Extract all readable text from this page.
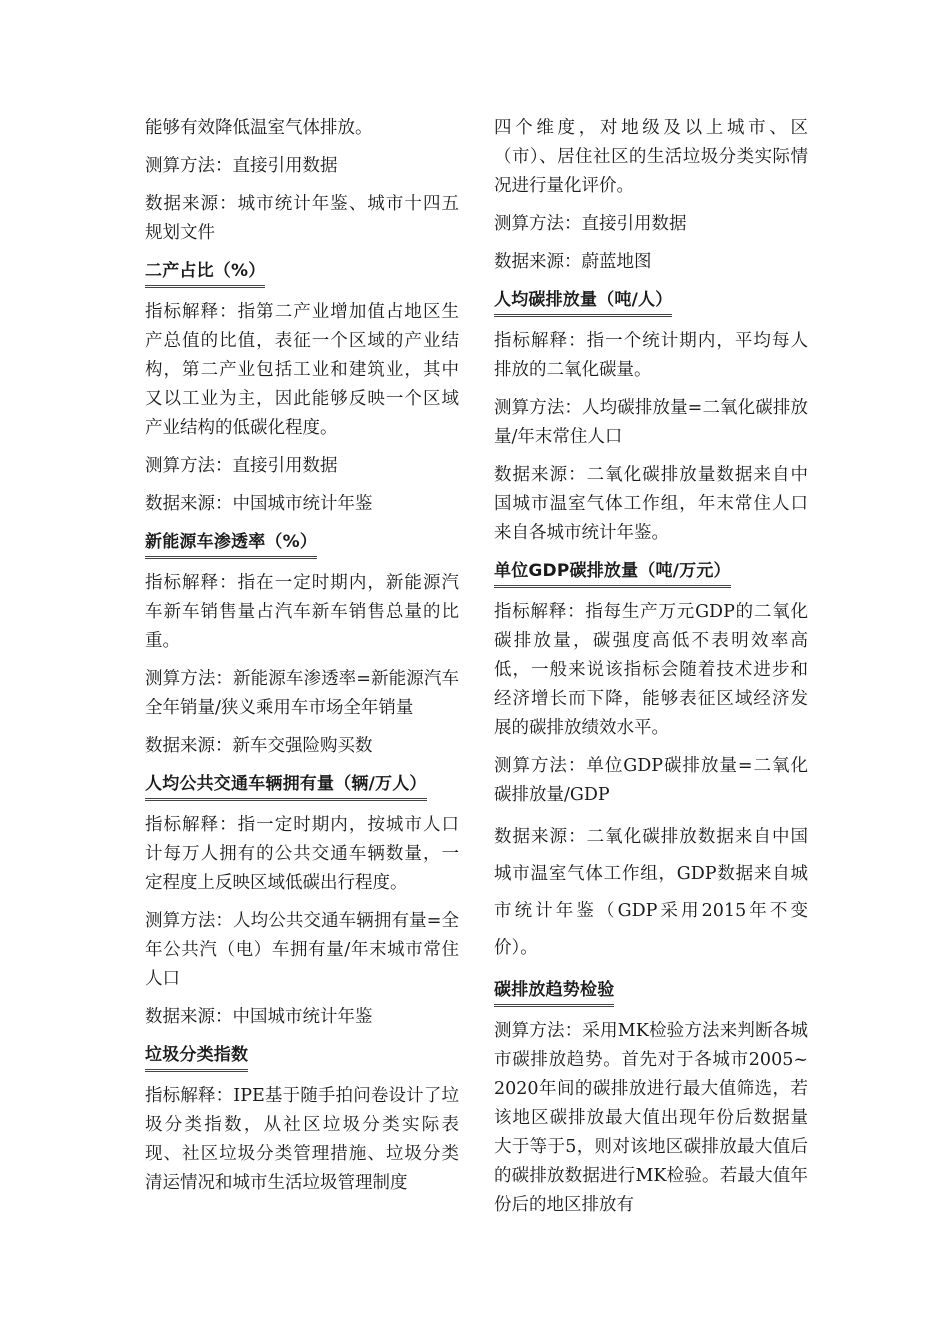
能够有效降低温室气体排放。

测算方法：直接引用数据

数据来源：城市统计年鉴、城市十四五规划文件

二产占比（%）

指标解释：指第二产业增加值占地区生产总值的比值，表征一个区域的产业结构，第二产业包括工业和建筑业，其中又以工业为主，因此能够反映一个区域产业结构的低碳化程度。

测算方法：直接引用数据

数据来源：中国城市统计年鉴

新能源车渗透率（%）

指标解释：指在一定时期内，新能源汽车新车销售量占汽车新车销售总量的比重。

测算方法：新能源车渗透率=新能源汽车全年销量/狭义乘用车市场全年销量

数据来源：新车交强险购买数

人均公共交通车辆拥有量（辆/万人）

指标解释：指一定时期内，按城市人口计每万人拥有的公共交通车辆数量，一定程度上反映区域低碳出行程度。

测算方法：人均公共交通车辆拥有量=全年公共汽（电）车拥有量/年末城市常住人口

数据来源：中国城市统计年鉴

垃圾分类指数

指标解释：IPE基于随手拍问卷设计了垃圾分类指数，从社区垃圾分类实际表现、社区垃圾分类管理措施、垃圾分类清运情况和城市生活垃圾管理制度

四个维度，对地级及以上城市、区（市）、居住社区的生活垃圾分类实际情况进行量化评价。

测算方法：直接引用数据

数据来源：蔚蓝地图

人均碳排放量（吨/人）

指标解释：指一个统计期内，平均每人排放的二氧化碳量。

测算方法：人均碳排放量=二氧化碳排放量/年末常住人口

数据来源：二氧化碳排放量数据来自中国城市温室气体工作组，年末常住人口来自各城市统计年鉴。

单位GDP碳排放量（吨/万元）

指标解释：指每生产万元GDP的二氧化碳排放量，碳强度高低不表明效率高低，一般来说该指标会随着技术进步和经济增长而下降，能够表征区域经济发展的碳排放绩效水平。

测算方法：单位GDP碳排放量=二氧化碳排放量/GDP

数据来源：二氧化碳排放数据来自中国城市温室气体工作组，GDP数据来自城市统计年鉴（GDP采用2015年不变价）。

碳排放趋势检验

测算方法：采用MK检验方法来判断各城市碳排放趋势。首先对于各城市2005~2020年间的碳排放进行最大值筛选，若该地区碳排放最大值出现年份后数据量大于等于5，则对该地区碳排放最大值后的碳排放数据进行MK检验。若最大值年份后的地区排放有
